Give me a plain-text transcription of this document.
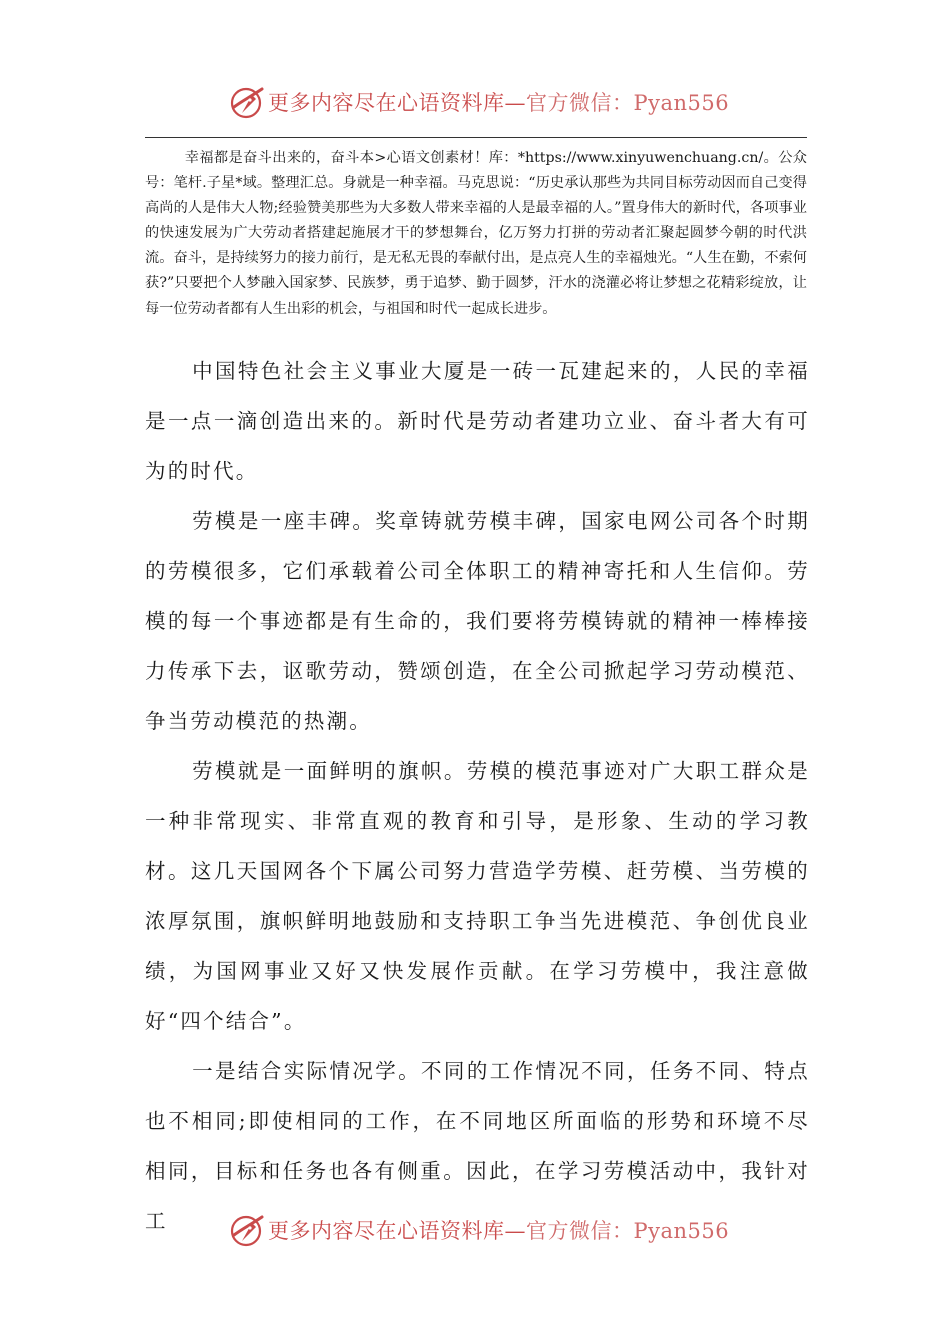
更多内容尽在心语资料库—官方微信：Pyan556
幸福都是奋斗出来的，奋斗本>心语文创素材！库：*https://www.xinyuwenchuang.cn/。公众号：笔杆.子星*域。整理汇总。身就是一种幸福。马克思说：“历史承认那些为共同目标劳动因而自己变得高尚的人是伟大人物;经验赞美那些为大多数人带来幸福的人是最幸福的人。”置身伟大的新时代，各项事业的快速发展为广大劳动者搭建起施展才干的梦想舞台，亿万努力打拼的劳动者汇聚起圆梦今朝的时代洪流。奋斗，是持续努力的接力前行，是无私无畏的奉献付出，是点亮人生的幸福烛光。“人生在勤，不索何获?”只要把个人梦融入国家梦、民族梦，勇于追梦、勤于圆梦，汗水的浇灌必将让梦想之花精彩绽放，让每一位劳动者都有人生出彩的机会，与祖国和时代一起成长进步。

中国特色社会主义事业大厦是一砖一瓦建起来的，人民的幸福是一点一滴创造出来的。新时代是劳动者建功立业、奋斗者大有可为的时代。

劳模是一座丰碑。奖章铸就劳模丰碑，国家电网公司各个时期的劳模很多，它们承载着公司全体职工的精神寄托和人生信仰。劳模的每一个事迹都是有生命的，我们要将劳模铸就的精神一棒棒接力传承下去，讴歌劳动，赞颂创造，在全公司掀起学习劳动模范、争当劳动模范的热潮。

劳模就是一面鲜明的旗帜。劳模的模范事迹对广大职工群众是一种非常现实、非常直观的教育和引导，是形象、生动的学习教材。这几天国网各个下属公司努力营造学劳模、赶劳模、当劳模的浓厚氛围，旗帜鲜明地鼓励和支持职工争当先进模范、争创优良业绩，为国网事业又好又快发展作贡献。在学习劳模中，我注意做好“四个结合”。

一是结合实际情况学。不同的工作情况不同，任务不同、特点也不相同;即使相同的工作，在不同地区所面临的形势和环境不尽相同，目标和任务也各有侧重。因此，在学习劳模活动中，我针对工	更多内容尽在心语资料库—官方微信：Pyan556
